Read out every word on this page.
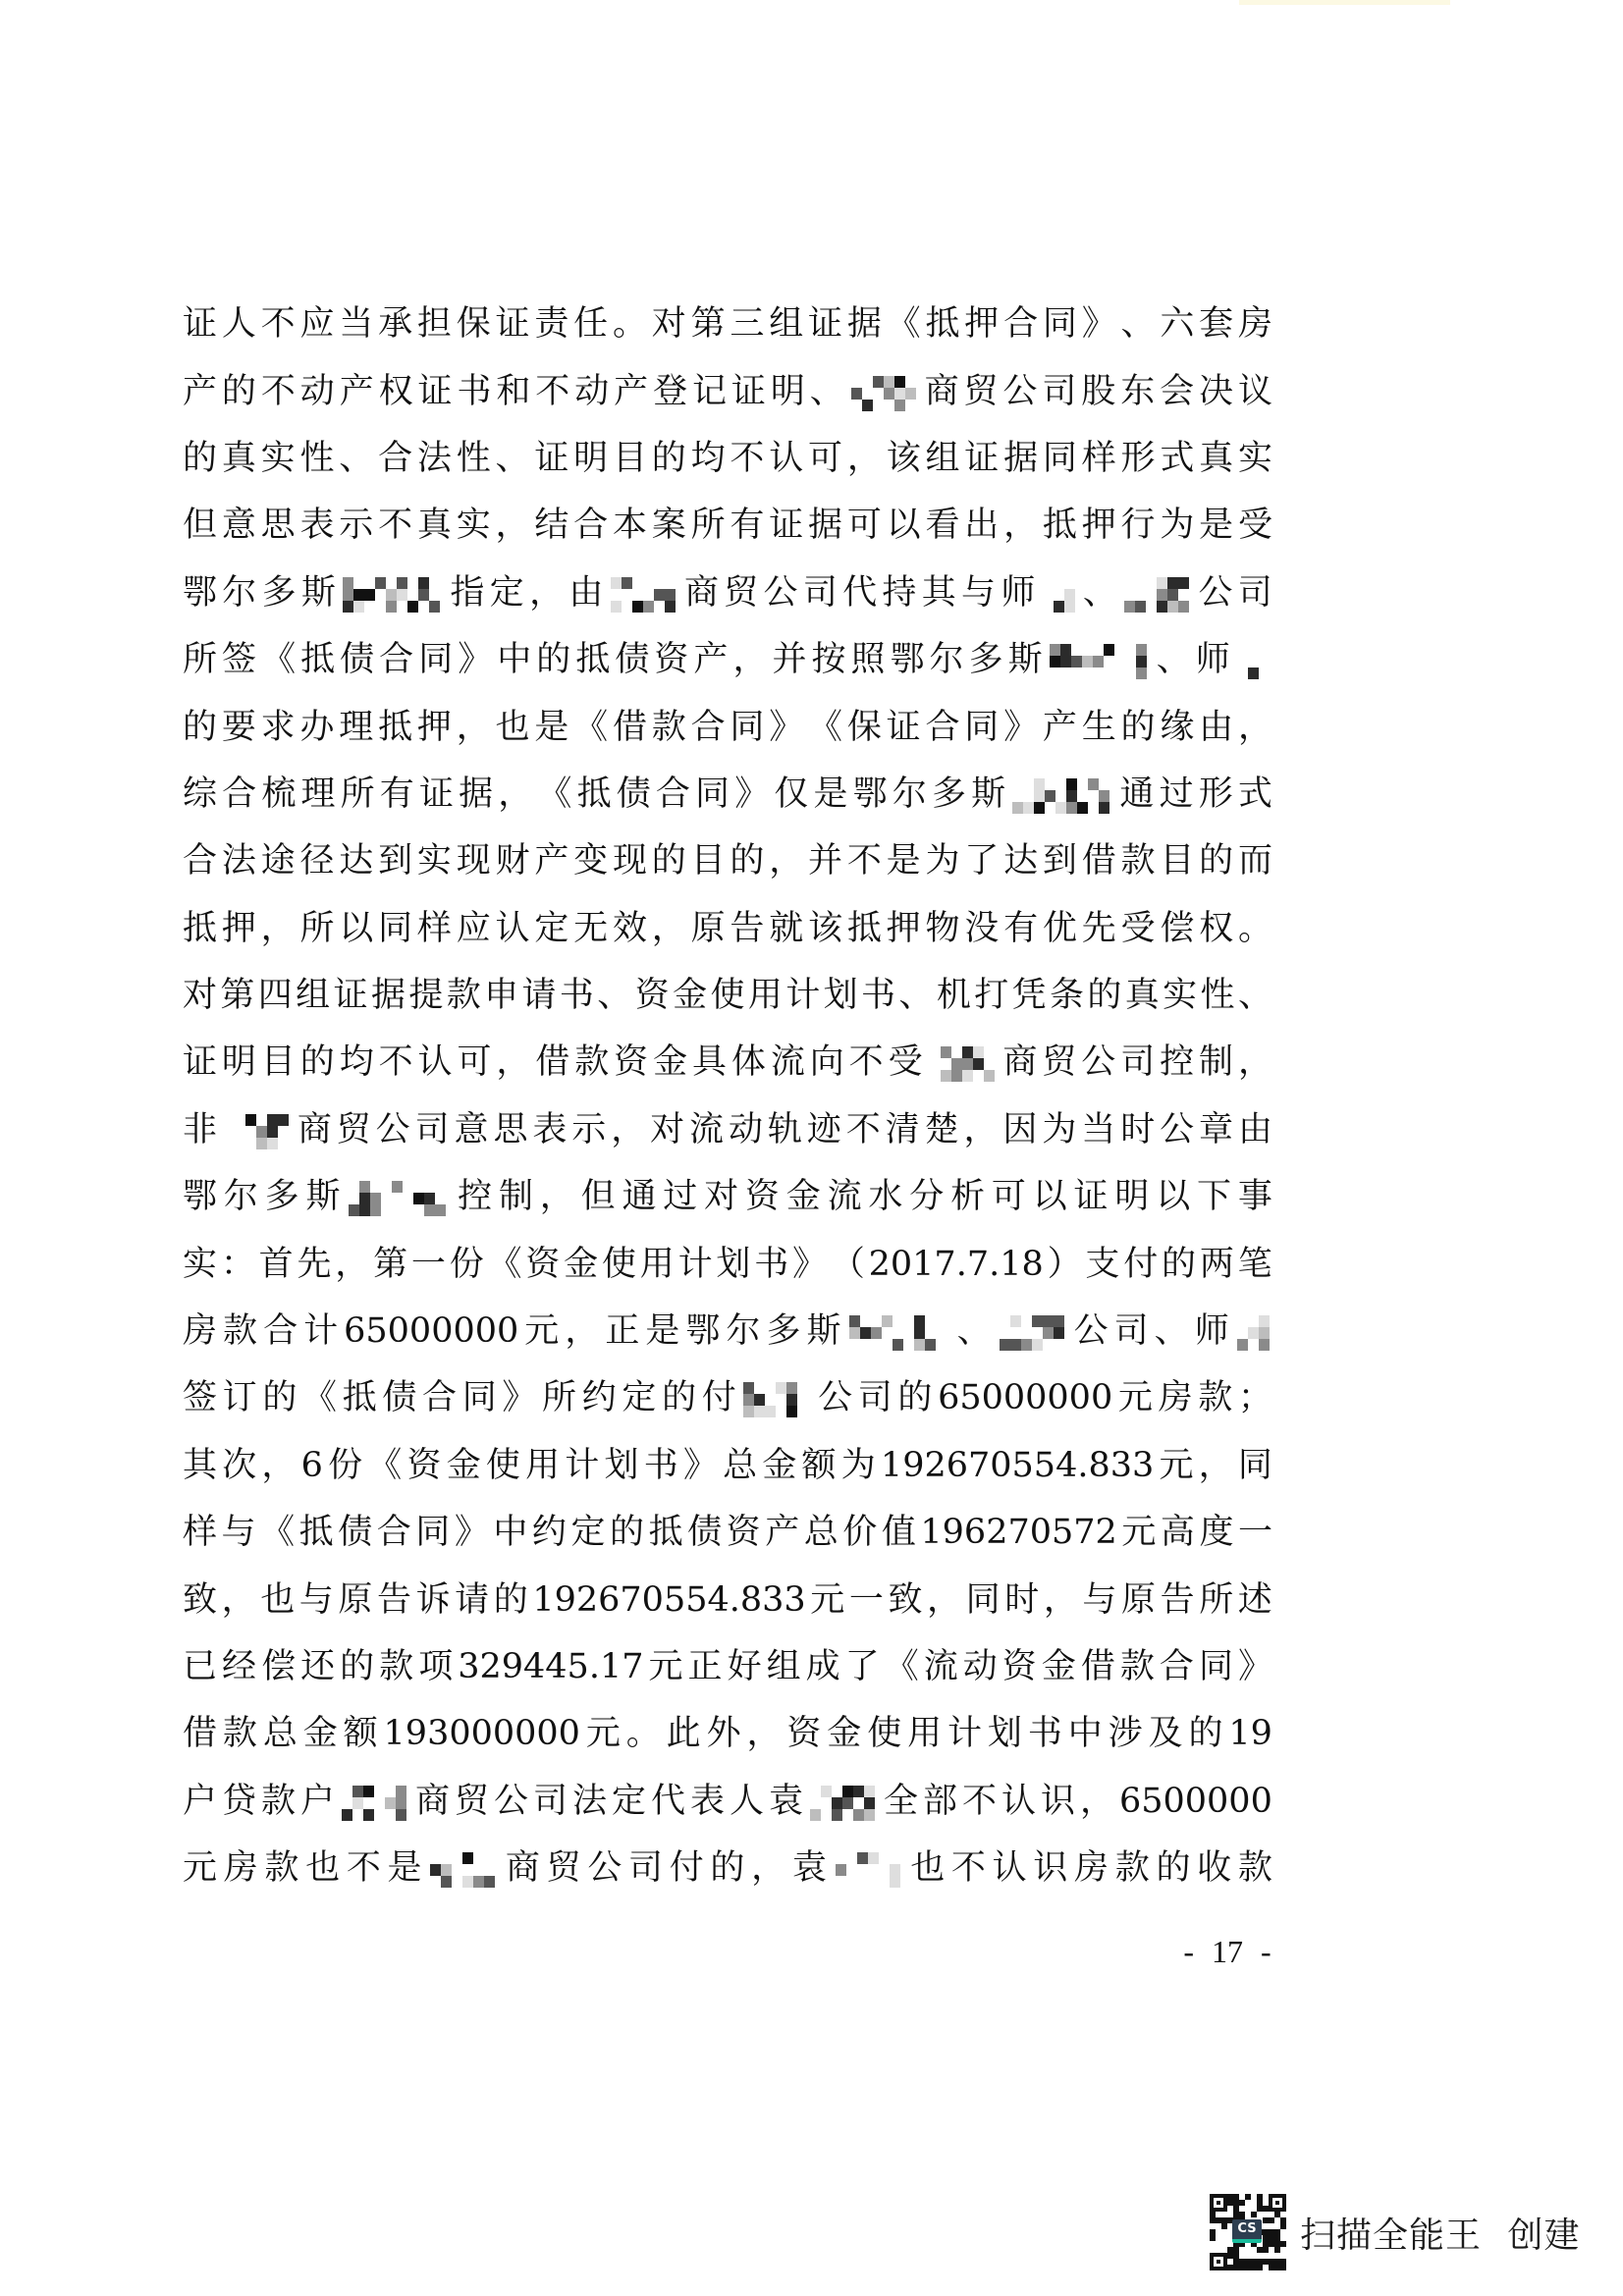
证 人 不 应 当 承 担 保 证 责 任 。 对 第 三 组 证 据 《 抵 押 合 同 》 、 六 套 房
产 的 不 动 产 权 证 书 和 不 动 产 登 记 证 明 、 商 贸 公 司 股 东 会 决 议
的 真 实 性 、 合 法 性 、 证 明 目 的 均 不 认 可 ， 该 组 证 据 同 样 形 式 真 实
但 意 思 表 示 不 真 实 ， 结 合 本 案 所 有 证 据 可 以 看 出 ， 抵 押 行 为 是 受
鄂 尔 多 斯	指 定 ， 由 商 贸 公 司 代 持 其 与 师 、 公 司
所 签 《 抵 债 合 同 》 中 的 抵 债 资 产 ， 并 按 照 鄂 尔 多 斯	、 师
的 要 求 办 理 抵 押 ， 也 是 《 借 款 合 同 》 《 保 证 合 同 》 产 生 的 缘 由 ，
综 合 梳 理 所 有 证 据 ， 《 抵 债 合 同 》 仅 是 鄂 尔 多 斯	通 过 形 式
合 法 途 径 达 到 实 现 财 产 变 现 的 目 的 ， 并 不 是 为 了 达 到 借 款 目 的 而
抵 押 ， 所 以 同 样 应 认 定 无 效 ， 原 告 就 该 抵 押 物 没 有 优 先 受 偿 权 。
对 第 四 组 证 据 提 款 申 请 书 、 资 金 使 用 计 划 书 、 机 打 凭 条 的 真 实 性 、
证 明 目 的 均 不 认 可 ， 借 款 资 金 具 体 流 向 不 受 商 贸 公 司 控 制 ，
非 商 贸 公 司 意 思 表 示 ， 对 流 动 轨 迹 不 清 楚 ， 因 为 当 时 公 章 由
鄂 尔 多 斯	控 制 ， 但 通 过 对 资 金 流 水 分 析 可 以 证 明 以 下 事
实 ： 首 先 ， 第 一 份 《 资 金 使 用 计 划 书 》 （ 2017.7.18 ） 支 付 的 两 笔
房 款 合 计 65000000 元 ， 正 是 鄂 尔 多 斯	、 公 司 、 师
签 订 的 《 抵 债 合 同 》 所 约 定 的 付 公 司 的 65000000 元 房 款 ；
其 次 ， 6 份 《 资 金 使 用 计 划 书 》 总 金 额 为 192670554.833 元 ， 同
样 与 《 抵 债 合 同 》 中 约 定 的 抵 债 资 产 总 价 值 196270572 元 高 度 一
致 ， 也 与 原 告 诉 请 的 192670554.833 元 一 致 ， 同 时 ， 与 原 告 所 述
已 经 偿 还 的 款 项 329445.17 元 正 好 组 成 了 《 流 动 资 金 借 款 合 同 》
借 款 总 金 额 193000000 元 。 此 外 ， 资 金 使 用 计 划 书 中 涉 及 的 19
户 贷 款 户 商 贸 公 司 法 定 代 表 人 袁 全 部 不 认 识 ， 6500000
元 房 款 也 不 是 商 贸 公 司 付 的 ， 袁 也 不 认 识 房 款 的 收 款
- 17 -
CS 扫描全能王 创建
